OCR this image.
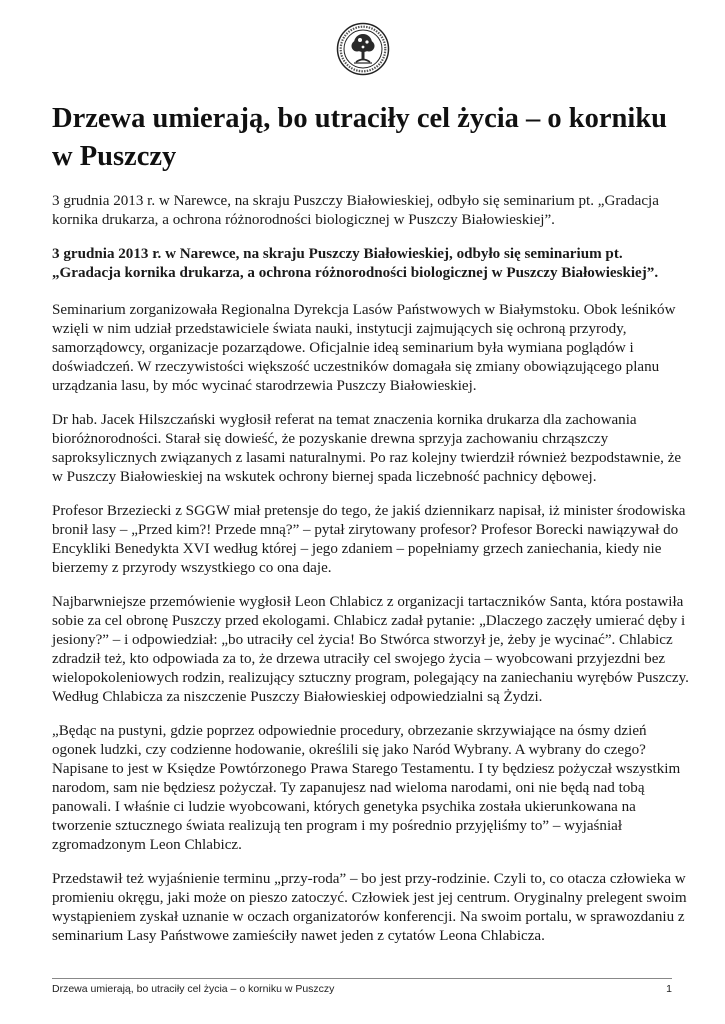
Drzewa umierają, bo utraciły cel życia – o korniku w Puszczy

3 grudnia 2013 r. w Narewce, na skraju Puszczy Białowieskiej, odbyło się seminarium pt. „Gradacja kornika drukarza, a ochrona różnorodności biologicznej w Puszczy Białowieskiej”.

3 grudnia 2013 r. w Narewce, na skraju Puszczy Białowieskiej, odbyło się seminarium pt. „Gradacja kornika drukarza, a ochrona różnorodności biologicznej w Puszczy Białowieskiej”.

Seminarium zorganizowała Regionalna Dyrekcja Lasów Państwowych w Białymstoku. Obok leśników wzięli w nim udział przedstawiciele świata nauki, instytucji zajmujących się ochroną przyrody, samorządowcy, organizacje pozarządowe. Oficjalnie ideą seminarium była wymiana poglądów i doświadczeń. W rzeczywistości większość uczestników domagała się zmiany obowiązującego planu urządzania lasu, by móc wycinać starodrzewia Puszczy Białowieskiej.

Dr hab. Jacek Hilszczański wygłosił referat na temat znaczenia kornika drukarza dla zachowania bioróżnorodności. Starał się dowieść, że pozyskanie drewna sprzyja zachowaniu chrząszczy saproksylicznych związanych z lasami naturalnymi. Po raz kolejny twierdził również bezpodstawnie, że w Puszczy Białowieskiej na wskutek ochrony biernej spada liczebność pachnicy dębowej.

Profesor Brzeziecki z SGGW miał pretensje do tego, że jakiś dziennikarz napisał, iż minister środowiska bronił lasy – „Przed kim?! Przede mną?” – pytał zirytowany profesor? Profesor Borecki nawiązywał do Encykliki Benedykta XVI według której – jego zdaniem – popełniamy grzech zaniechania, kiedy nie bierzemy z przyrody wszystkiego co ona daje.

Najbarwniejsze przemówienie wygłosił Leon Chlabicz z organizacji tartaczników Santa, która postawiła sobie za cel obronę Puszczy przed ekologami. Chlabicz zadał pytanie: „Dlaczego zaczęły umierać dęby i jesiony?” – i odpowiedział: „bo utraciły cel życia! Bo Stwórca stworzył je, żeby je wycinać”. Chlabicz zdradził też, kto odpowiada za to, że drzewa utraciły cel swojego życia – wyobcowani przyjezdni bez wielopokoleniowych rodzin, realizujący sztuczny program, polegający na zaniechaniu wyrębów Puszczy. Według Chlabicza za niszczenie Puszczy Białowieskiej odpowiedzialni są Żydzi.

„Będąc na pustyni, gdzie poprzez odpowiednie procedury, obrzezanie skrzywiające na ósmy dzień ogonek ludzki, czy codzienne hodowanie, określili się jako Naród Wybrany. A wybrany do czego? Napisane to jest w Księdze Powtórzonego Prawa Starego Testamentu. I ty będziesz pożyczał wszystkim narodom, sam nie będziesz pożyczał. Ty zapanujesz nad wieloma narodami, oni nie będą nad tobą panowali. I właśnie ci ludzie wyobcowani, których genetyka psychika została ukierunkowana na tworzenie sztucznego świata realizują ten program i my pośrednio przyjęliśmy to” – wyjaśniał zgromadzonym Leon Chlabicz.

Przedstawił też wyjaśnienie terminu „przy-roda” – bo jest przy-rodzinie. Czyli to, co otacza człowieka w promieniu okręgu, jaki może on pieszo zatoczyć. Człowiek jest jej centrum. Oryginalny prelegent swoim wystąpieniem zyskał uznanie w oczach organizatorów konferencji. Na swoim portalu, w sprawozdaniu z seminarium Lasy Państwowe zamieściły nawet jeden z cytatów Leona Chlabicza.

Drzewa umierają, bo utraciły cel życia – o korniku w Puszczy	1
